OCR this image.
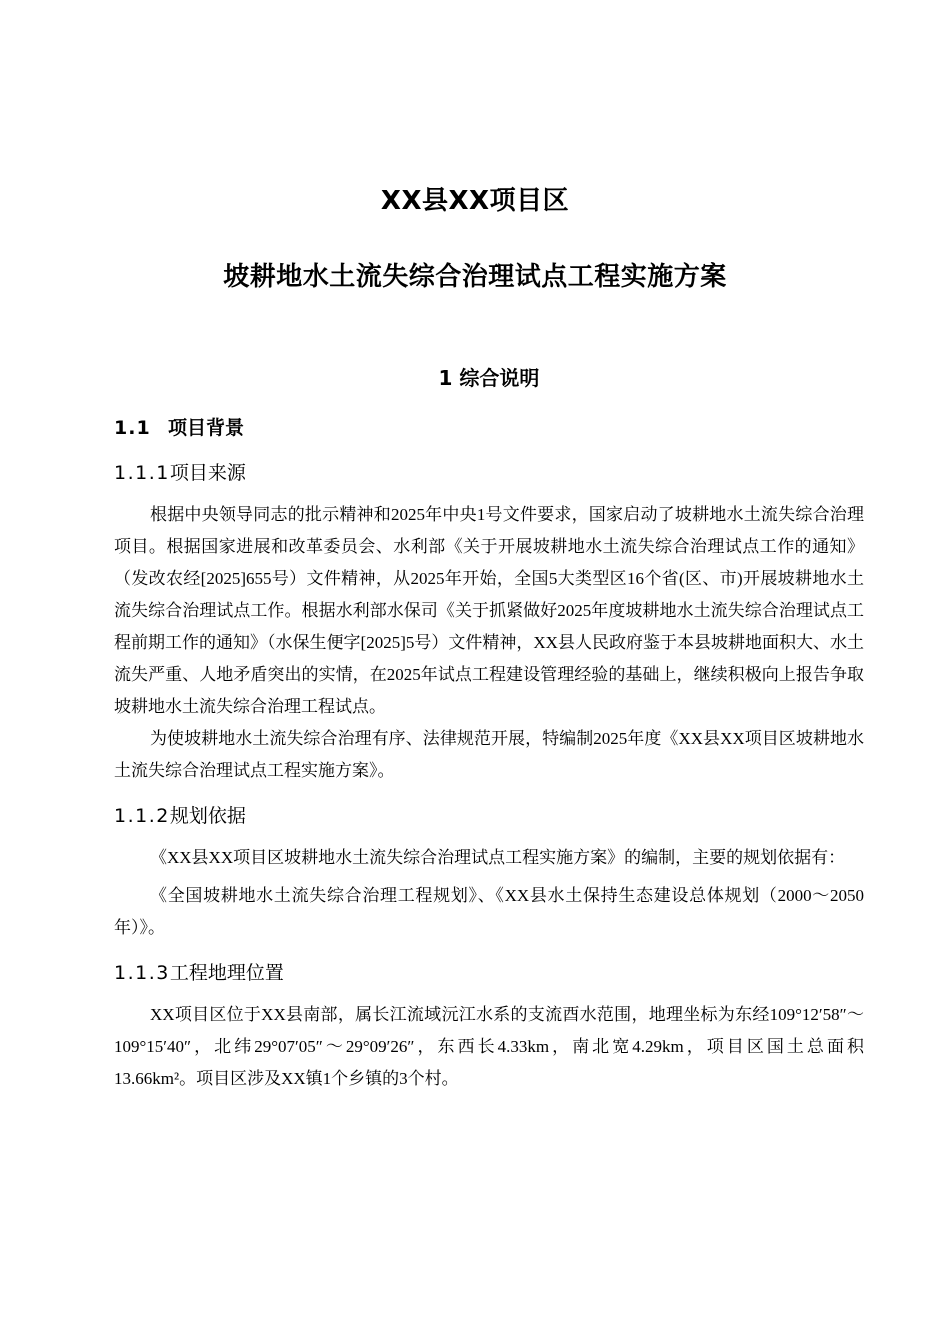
XX县XX项目区
坡耕地水土流失综合治理试点工程实施方案
1 综合说明
1.1 项目背景
1.1.1项目来源

根据中央领导同志的批示精神和2025年中央1号文件要求，国家启动了坡耕地水土流失综合治理项目。根据国家进展和改革委员会、水利部《关于开展坡耕地水土流失综合治理试点工作的通知》（发改农经[2025]655号）文件精神，从2025年开始，全国5大类型区16个省(区、市)开展坡耕地水土流失综合治理试点工作。根据水利部水保司《关于抓紧做好2025年度坡耕地水土流失综合治理试点工程前期工作的通知》（水保生便字[2025]5号）文件精神，XX县人民政府鉴于本县坡耕地面积大、水土流失严重、人地矛盾突出的实情，在2025年试点工程建设管理经验的基础上，继续积极向上报告争取坡耕地水土流失综合治理工程试点。

为使坡耕地水土流失综合治理有序、法律规范开展，特编制2025年度《XX县XX项目区坡耕地水土流失综合治理试点工程实施方案》。

1.1.2规划依据

《XX县XX项目区坡耕地水土流失综合治理试点工程实施方案》的编制，主要的规划依据有：

《全国坡耕地水土流失综合治理工程规划》、《XX县水土保持生态建设总体规划（2000～2050年）》。

1.1.3工程地理位置

XX项目区位于XX县南部，属长江流域沅江水系的支流酉水范围，地理坐标为东经109°12′58″～109°15′40″，北纬29°07′05″～29°09′26″，东西长4.33km，南北宽4.29km，项目区国土总面积13.66km²。项目区涉及XX镇1个乡镇的3个村。
